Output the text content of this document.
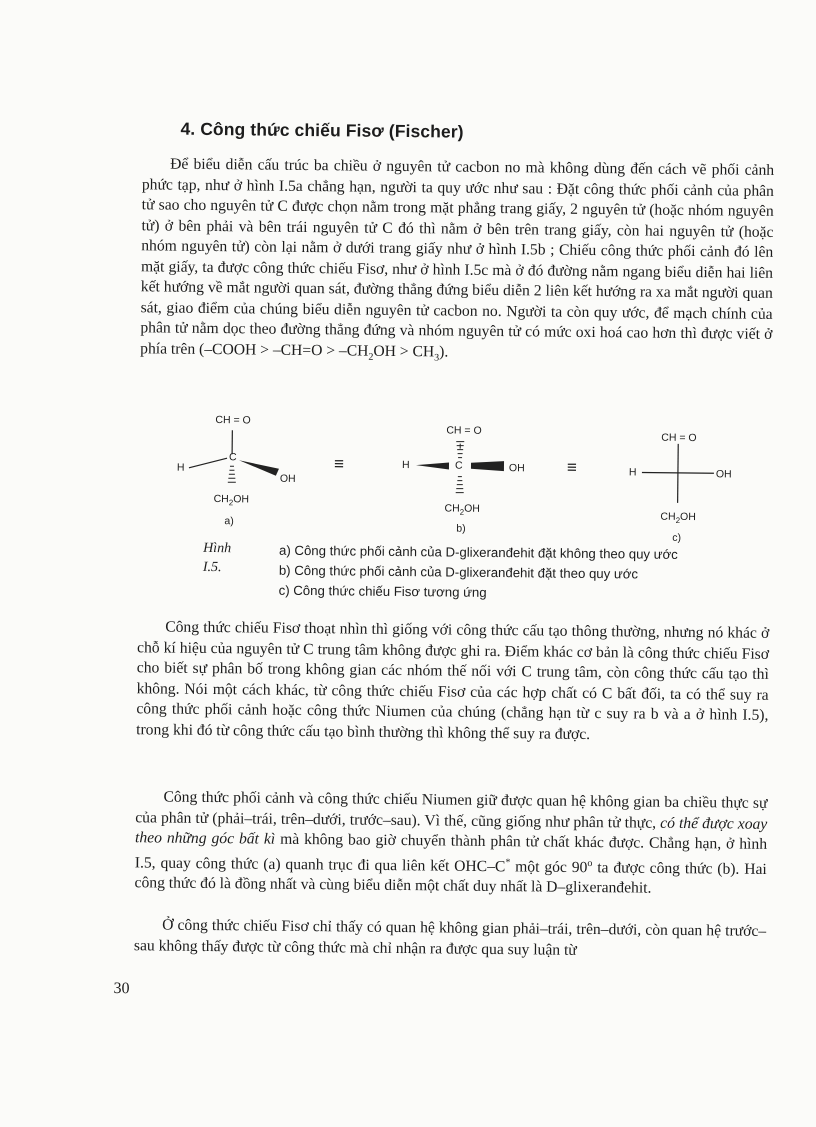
4. Công thức chiếu Fisơ (Fischer)

Để biểu diễn cấu trúc ba chiều ở nguyên tử cacbon no mà không dùng đến cách vẽ phối cảnh phức tạp, như ở hình I.5a chẳng hạn, người ta quy ước như sau : Đặt công thức phối cảnh của phân tử sao cho nguyên tử C được chọn nằm trong mặt phẳng trang giấy, 2 nguyên tử (hoặc nhóm nguyên tử) ở bên phải và bên trái nguyên tử C đó thì nằm ở bên trên trang giấy, còn hai nguyên tử (hoặc nhóm nguyên tử) còn lại nằm ở dưới trang giấy như ở hình I.5b ; Chiếu công thức phối cảnh đó lên mặt giấy, ta được công thức chiếu Fisơ, như ở hình I.5c mà ở đó đường nằm ngang biểu diễn hai liên kết hướng về mắt người quan sát, đường thẳng đứng biểu diễn 2 liên kết hướng ra xa mắt người quan sát, giao điểm của chúng biểu diễn nguyên tử cacbon no. Người ta còn quy ước, để mạch chính của phân tử nằm dọc theo đường thẳng đứng và nhóm nguyên tử có mức oxi hoá cao hơn thì được viết ở phía trên (–COOH > $-CH=O > -CH_2OH > CH_3$).

CH = O
H
C
OH
$CH_2OH$
a)
≡
CH = O
H	C	OH
$CH_2OH$
b)
≡
CH = O
H	OH
$CH_2OH$
c)
Hình I.5.
a) Công thức phối cảnh của D-glixeranđehit đặt không theo quy ước
b) Công thức phối cảnh của D-glixeranđehit đặt theo quy ước
c) Công thức chiếu Fisơ tương ứng

Công thức chiếu Fisơ thoạt nhìn thì giống với công thức cấu tạo thông thường, nhưng nó khác ở chỗ kí hiệu của nguyên tử C trung tâm không được ghi ra. Điểm khác cơ bản là công thức chiếu Fisơ cho biết sự phân bố trong không gian các nhóm thế nối với C trung tâm, còn công thức cấu tạo thì không. Nói một cách khác, từ công thức chiếu Fisơ của các hợp chất có C bất đối, ta có thể suy ra công thức phối cảnh hoặc công thức Niumen của chúng (chẳng hạn từ c suy ra b và a ở hình I.5), trong khi đó từ công thức cấu tạo bình thường thì không thể suy ra được.

Công thức phối cảnh và công thức chiếu Niumen giữ được quan hệ không gian ba chiều thực sự của phân tử (phải–trái, trên–dưới, trước–sau). Vì thế, cũng giống như phân tử thực, có thể được xoay theo những góc bất kì mà không bao giờ chuyển thành phân tử chất khác được. Chẳng hạn, ở hình I.5, quay công thức (a) quanh trục đi qua liên kết OHC–C* một góc 90$^o$ ta được công thức (b). Hai công thức đó là đồng nhất và cùng biểu diễn một chất duy nhất là D–glixeranđehit.

Ở công thức chiếu Fisơ chỉ thấy có quan hệ không gian phải–trái, trên–dưới, còn quan hệ trước–sau không thấy được từ công thức mà chỉ nhận ra được qua suy luận từ

30
